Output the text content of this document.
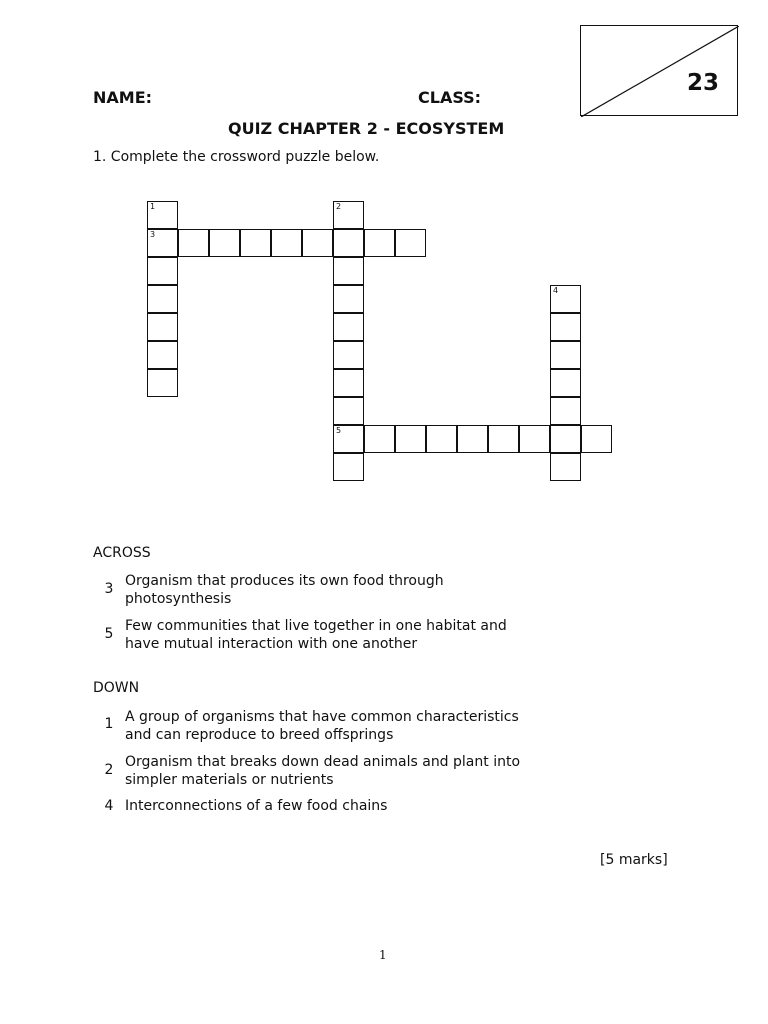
23
NAME:	CLASS:
QUIZ CHAPTER 2 - ECOSYSTEM
1. Complete the crossword puzzle below.
1
3
2
5
4
ACROSS
3 Organism that produces its own food through
photosynthesis
5 Few communities that live together in one habitat and
have mutual interaction with one another
DOWN
1 A group of organisms that have common characteristics
and can reproduce to breed offsprings
2 Organism that breaks down dead animals and plant into
simpler materials or nutrients
4 Interconnections of a few food chains
[5 marks]
1
